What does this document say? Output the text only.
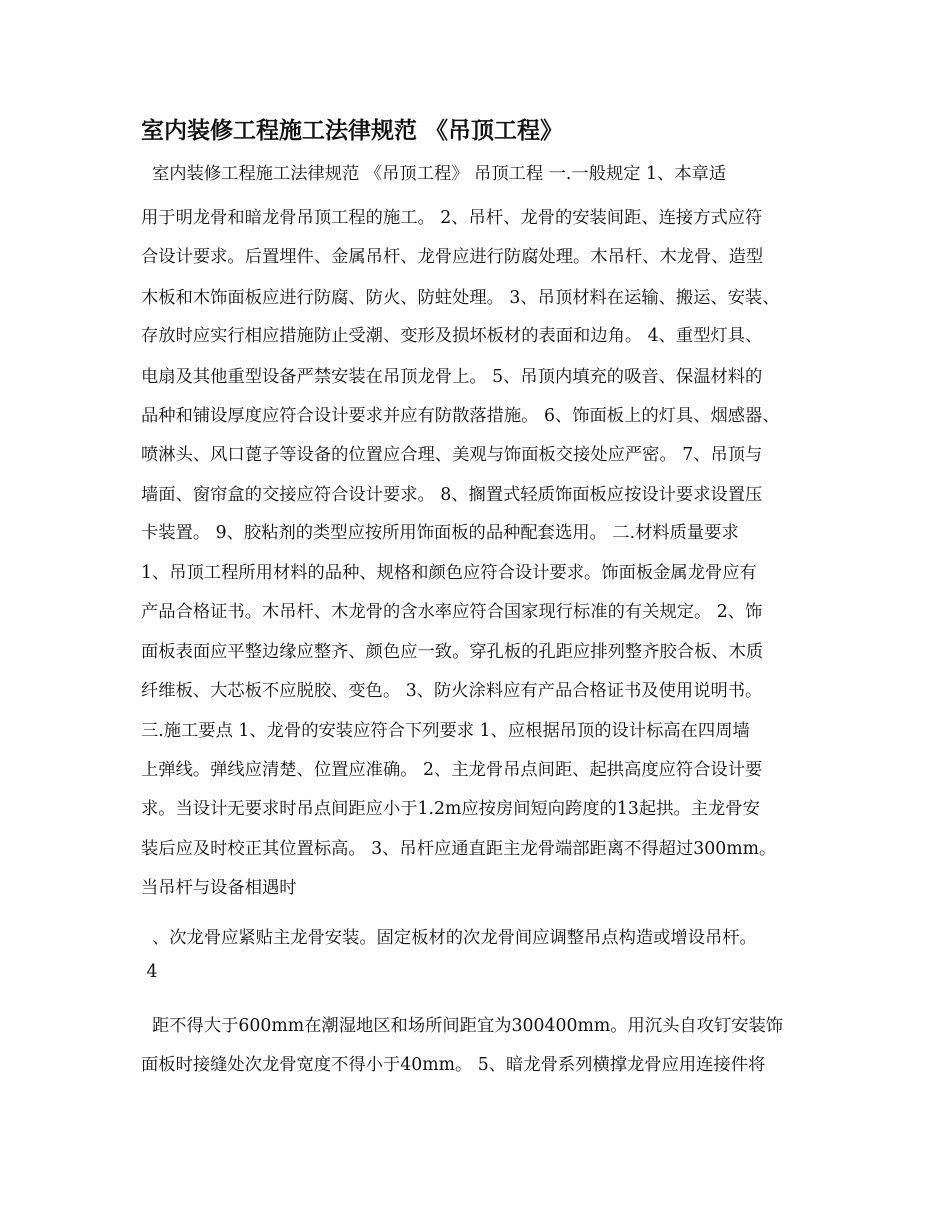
室内装修工程施工法律规范 《吊顶工程》
室内装修工程施工法律规范 《吊顶工程》 吊顶工程 一.一般规定 1、本章适
用于明龙骨和暗龙骨吊顶工程的施工。 2、吊杆、龙骨的安装间距、连接方式应符
合设计要求。后置埋件、金属吊杆、龙骨应进行防腐处理。木吊杆、木龙骨、造型
木板和木饰面板应进行防腐、防火、防蛀处理。 3、吊顶材料在运输、搬运、安装、
存放时应实行相应措施防止受潮、变形及损坏板材的表面和边角。 4、重型灯具、
电扇及其他重型设备严禁安装在吊顶龙骨上。 5、吊顶内填充的吸音、保温材料的
品种和铺设厚度应符合设计要求并应有防散落措施。 6、饰面板上的灯具、烟感器、
喷淋头、风口蓖子等设备的位置应合理、美观与饰面板交接处应严密。 7、吊顶与
墙面、窗帘盒的交接应符合设计要求。 8、搁置式轻质饰面板应按设计要求设置压
卡装置。 9、胶粘剂的类型应按所用饰面板的品种配套选用。 二.材料质量要求
1、吊顶工程所用材料的品种、规格和颜色应符合设计要求。饰面板金属龙骨应有
产品合格证书。木吊杆、木龙骨的含水率应符合国家现行标准的有关规定。 2、饰
面板表面应平整边缘应整齐、颜色应一致。穿孔板的孔距应排列整齐胶合板、木质
纤维板、大芯板不应脱胶、变色。 3、防火涂料应有产品合格证书及使用说明书。
三.施工要点 1、龙骨的安装应符合下列要求 1、应根据吊顶的设计标高在四周墙
上弹线。弹线应清楚、位置应准确。 2、主龙骨吊点间距、起拱高度应符合设计要
求。当设计无要求时吊点间距应小于1.2m应按房间短向跨度的13起拱。主龙骨安
装后应及时校正其位置标高。 3、吊杆应通直距主龙骨端部距离不得超过300mm。
当吊杆与设备相遇时
、次龙骨应紧贴主龙骨安装。固定板材的次龙骨间应调整吊点构造或增设吊杆。
4
距不得大于600mm在潮湿地区和场所间距宜为300400mm。用沉头自攻钉安装饰
面板时接缝处次龙骨宽度不得小于40mm。 5、暗龙骨系列横撑龙骨应用连接件将
